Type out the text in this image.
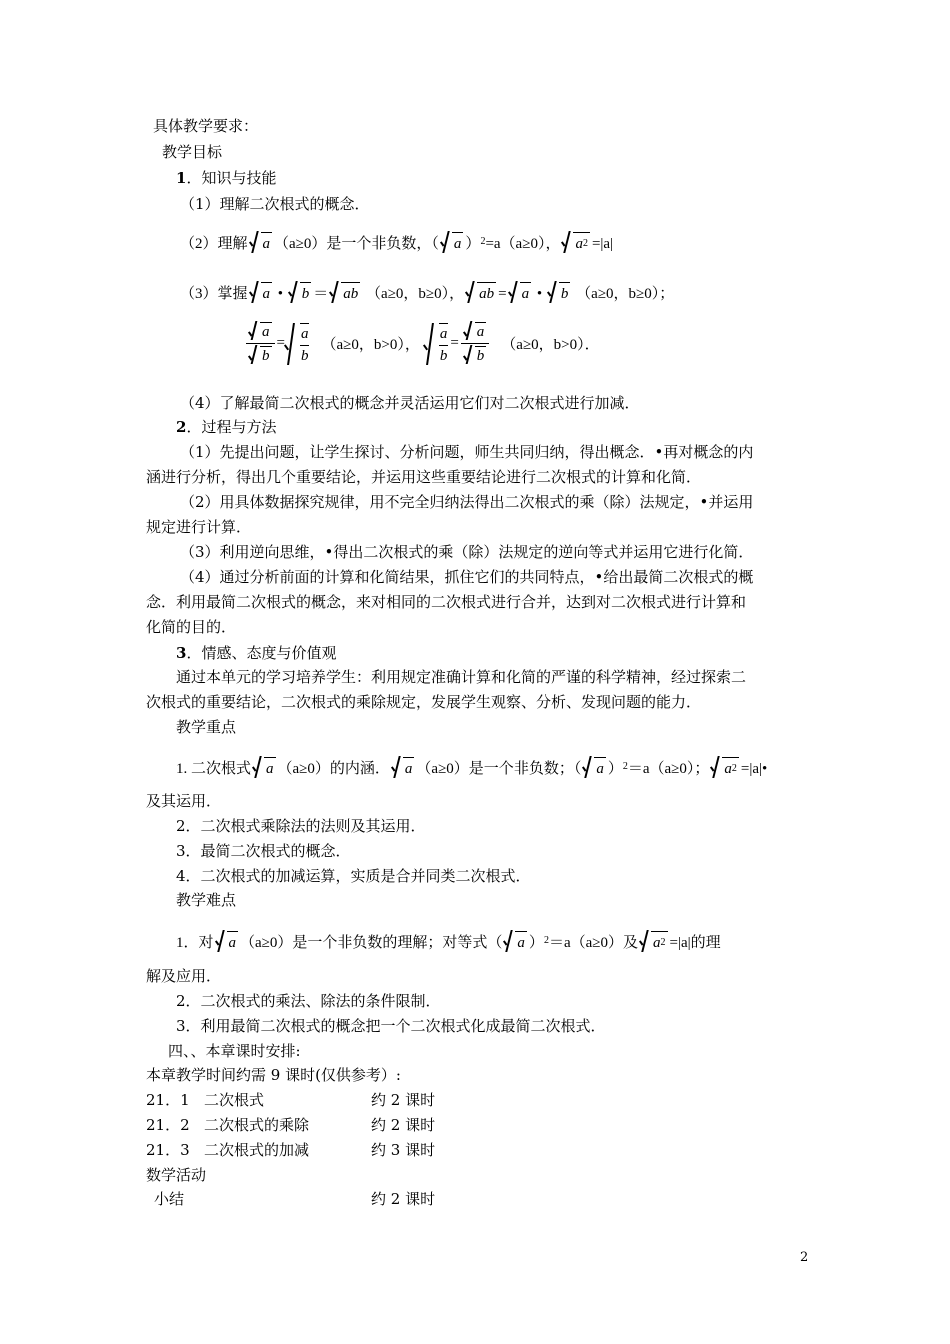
具体教学要求：
教学目标
1．知识与技能
（1）理解二次根式的概念．
（2）理解 a （a≥0）是一个非负数，（ a ）$^2$=a（a≥0）， $a^2 =|a|$
（3）掌握 a • b ＝ ab （a≥0，b≥0）， ab = a • b （a≥0，b≥0）；
$\frac{a}{b} = \frac{a}{b} (a\ge 0$，b>0）， $\frac{a}{b} = \frac{a}{b} (a\ge 0$，b>0）．
（4）了解最简二次根式的概念并灵活运用它们对二次根式进行加减．
2．过程与方法
（1）先提出问题，让学生探讨、分析问题，师生共同归纳，得出概念．•再对概念的内
涵进行分析，得出几个重要结论，并运用这些重要结论进行二次根式的计算和化简．
（2）用具体数据探究规律，用不完全归纳法得出二次根式的乘（除）法规定，•并运用
规定进行计算．
（3）利用逆向思维，•得出二次根式的乘（除）法规定的逆向等式并运用它进行化简．
（4）通过分析前面的计算和化简结果，抓住它们的共同特点，•给出最简二次根式的概
念．利用最简二次根式的概念，来对相同的二次根式进行合并，达到对二次根式进行计算和
化简的目的．
3．情感、态度与价值观
通过本单元的学习培养学生：利用规定准确计算和化简的严谨的科学精神，经过探索二
次根式的重要结论，二次根式的乘除规定，发展学生观察、分析、发现问题的能力．
教学重点
1. 二次根式 a （a≥0）的内涵． a （a≥0）是一个非负数；（ a ）$^2$＝a（a≥0）； $a^2$ =|a|•
及其运用．
2．二次根式乘除法的法则及其运用．
3．最简二次根式的概念．
4．二次根式的加减运算，实质是合并同类二次根式．
教学难点
1．对 a （a≥0）是一个非负数的理解；对等式（ a ）$^2$＝a（a≥0）及 $a^2 =|a|$的理
解及应用．
2．二次根式的乘法、除法的条件限制．
3．利用最简二次根式的概念把一个二次根式化成最简二次根式．
四、、本章课时安排:
本章教学时间约需 9 课时(仅供参考）:
21．1 二次根式	约 2 课时
21．2 二次根式的乘除	约 2 课时
21．3 二次根式的加减	约 3 课时
数学活动
小结	约 2 课时
2
